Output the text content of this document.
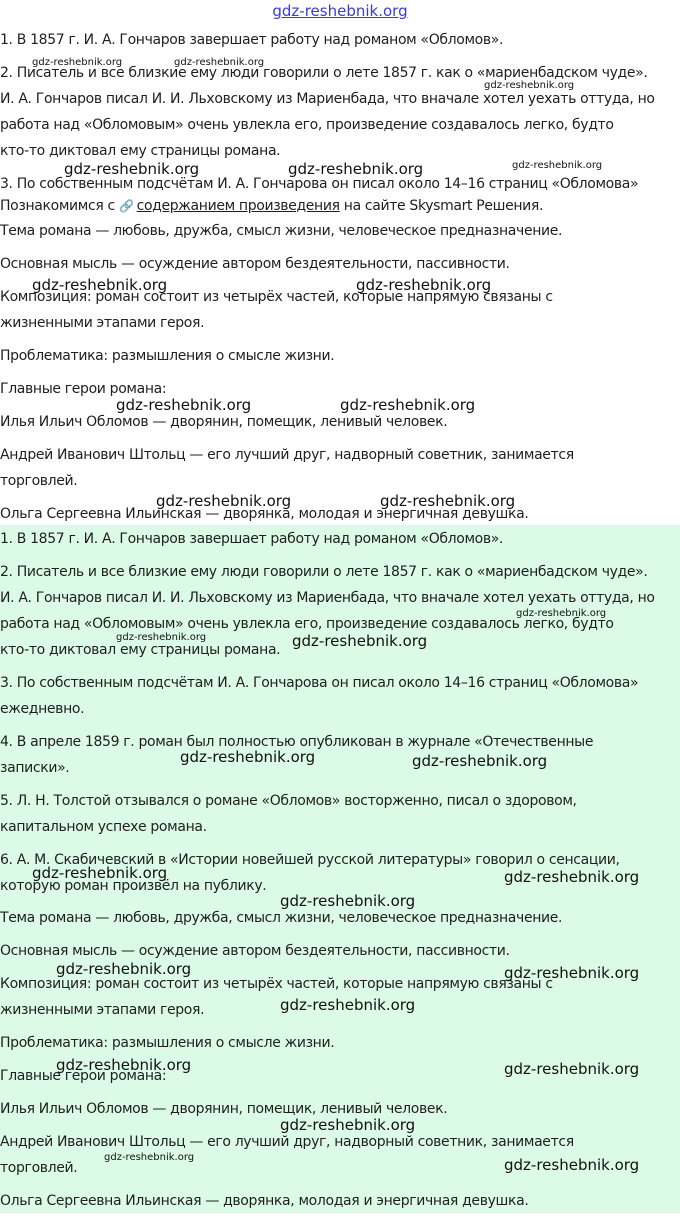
gdz-reshebnik.org
1. В 1857 г. И. А. Гончаров завершает работу над романом «Обломов».
2. Писатель и все близкие ему люди говорили о лете 1857 г. как о «мариенбадском чуде».
И. А. Гончаров писал И. И. Льховскому из Мариенбада, что вначале хотел уехать оттуда, но
работа над «Обломовым» очень увлекла его, произведение создавалось легко, будто
кто-то диктовал ему страницы романа.
3. По собственным подсчётам И. А. Гончарова он писал около 14–16 страниц «Обломова»
Познакомимся с 🔗 содержанием произведения на сайте Skysmart Решения.
Тема романа — любовь, дружба, смысл жизни, человеческое предназначение.
Основная мысль — осуждение автором бездеятельности, пассивности.
Композиция: роман состоит из четырёх частей, которые напрямую связаны с
жизненными этапами героя.
Проблематика: размышления о смысле жизни.
Главные герои романа:
Илья Ильич Обломов — дворянин, помещик, ленивый человек.
Андрей Иванович Штольц — его лучший друг, надворный советник, занимается
торговлей.
Ольга Сергеевна Ильинская — дворянка, молодая и энергичная девушка.
1. В 1857 г. И. А. Гончаров завершает работу над романом «Обломов».
2. Писатель и все близкие ему люди говорили о лете 1857 г. как о «мариенбадском чуде».
И. А. Гончаров писал И. И. Льховскому из Мариенбада, что вначале хотел уехать оттуда, но
работа над «Обломовым» очень увлекла его, произведение создавалось легко, будто
кто-то диктовал ему страницы романа.
3. По собственным подсчётам И. А. Гончарова он писал около 14–16 страниц «Обломова»
ежедневно.
4. В апреле 1859 г. роман был полностью опубликован в журнале «Отечественные
записки».
5. Л. Н. Толстой отзывался о романе «Обломов» восторженно, писал о здоровом,
капитальном успехе романа.
6. А. М. Скабичевский в «Истории новейшей русской литературы» говорил о сенсации,
которую роман произвёл на публику.
Тема романа — любовь, дружба, смысл жизни, человеческое предназначение.
Основная мысль — осуждение автором бездеятельности, пассивности.
Композиция: роман состоит из четырёх частей, которые напрямую связаны с
жизненными этапами героя.
Проблематика: размышления о смысле жизни.
Главные герои романа:
Илья Ильич Обломов — дворянин, помещик, ленивый человек.
Андрей Иванович Штольц — его лучший друг, надворный советник, занимается
торговлей.
Ольга Сергеевна Ильинская — дворянка, молодая и энергичная девушка.
gdz-reshebnik.org	gdz-reshebnik.org
gdz-reshebnik.org
gdz-reshebnik.org	gdz-reshebnik.org	gdz-reshebnik.org
gdz-reshebnik.org	gdz-reshebnik.org
gdz-reshebnik.org	gdz-reshebnik.org
gdz-reshebnik.org	gdz-reshebnik.org
gdz-reshebnik.org
gdz-reshebnik.org	gdz-reshebnik.org
gdz-reshebnik.org	gdz-reshebnik.org
gdz-reshebnik.org	gdz-reshebnik.org
gdz-reshebnik.org
gdz-reshebnik.org	gdz-reshebnik.org
gdz-reshebnik.org
gdz-reshebnik.org	gdz-reshebnik.org
gdz-reshebnik.org
gdz-reshebnik.org	gdz-reshebnik.org
